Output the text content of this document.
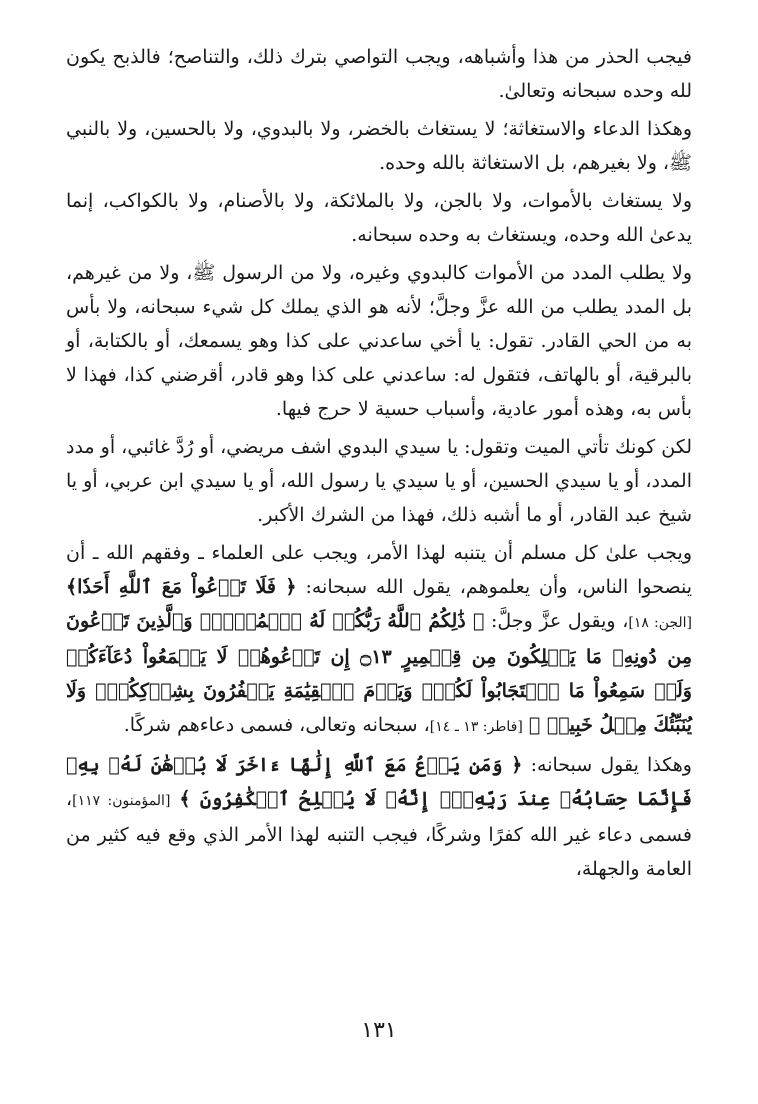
فيجب الحذر من هذا وأشباهه، ويجب التواصي بترك ذلك، والتناصح؛ فالذبح يكون لله وحده سبحانه وتعالىٰ.

وهكذا الدعاء والاستغاثة؛ لا يستغاث بالخضر، ولا بالبدوي، ولا بالحسين، ولا بالنبي ﷺ، ولا بغيرهم، بل الاستغاثة بالله وحده.

ولا يستغاث بالأموات، ولا بالجن، ولا بالملائكة، ولا بالأصنام، ولا بالكواكب، إنما يدعىٰ الله وحده، ويستغاث به وحده سبحانه.

ولا يطلب المدد من الأموات كالبدوي وغيره، ولا من الرسول ﷺ، ولا من غيرهم، بل المدد يطلب من الله عزَّ وجلَّ؛ لأنه هو الذي يملك كل شيء سبحانه، ولا بأس به من الحي القادر. تقول: يا أخي ساعدني على كذا وهو يسمعك، أو بالكتابة، أو بالبرقية، أو بالهاتف، فتقول له: ساعدني على كذا وهو قادر، أقرضني كذا، فهذا لا بأس به، وهذه أمور عادية، وأسباب حسية لا حرج فيها.

لكن كونك تأتي الميت وتقول: يا سيدي البدوي اشف مريضي، أو رُدَّ غائبي، أو مدد المدد، أو يا سيدي الحسين، أو يا سيدي يا رسول الله، أو يا سيدي ابن عربي، أو يا شيخ عبد القادر، أو ما أشبه ذلك، فهذا من الشرك الأكبر.

ويجب علىٰ كل مسلم أن يتنبه لهذا الأمر، ويجب على العلماء ـ وفقهم الله ـ أن ينصحوا الناس، وأن يعلموهم، يقول الله سبحانه: ﴿ فَلَا تَدۡعُواْ مَعَ ٱللَّهِ أَحَدٗا﴾ [الجن: ١٨]، ويقول عزَّ وجلَّ: ﴿ ذَٰلِكُمُ ٱللَّهُ رَبُّكُمۡ لَهُ ٱلۡمُلۡكُۚ وَٱلَّذِينَ تَدۡعُونَ مِن دُونِهِۦ مَا يَمۡلِكُونَ مِن قِطۡمِيرٍ ۝١٣ إِن تَدۡعُوهُمۡ لَا يَسۡمَعُواْ دُعَآءَكُمۡ وَلَوۡ سَمِعُواْ مَا ٱسۡتَجَابُواْ لَكُمۡۖ وَيَوۡمَ ٱلۡقِيَٰمَةِ يَكۡفُرُونَ بِشِرۡكِكُمۡۚ وَلَا يُنَبِّئُكَ مِثۡلُ خَبِيرٖ ﴾ [فاطر: ١٣ ـ ١٤]، سبحانه وتعالى، فسمى دعاءهم شركًا.

وهكذا يقول سبحانه: ﴿ وَمَن يَدۡعُ مَعَ ٱللَّهِ إِلَٰهًا ءَاخَرَ لَا بُرۡهَٰنَ لَهُۥ بِهِۦ فَإِنَّمَا حِسَابُهُۥ عِندَ رَبِّهِۦٓۚ إِنَّهُۥ لَا يُفۡلِحُ ٱلۡكَٰفِرُونَ ﴾ [المؤمنون: ١١٧]، فسمى دعاء غير الله كفرًا وشركًا، فيجب التنبه لهذا الأمر الذي وقع فيه كثير من العامة والجهلة،

١٣١
